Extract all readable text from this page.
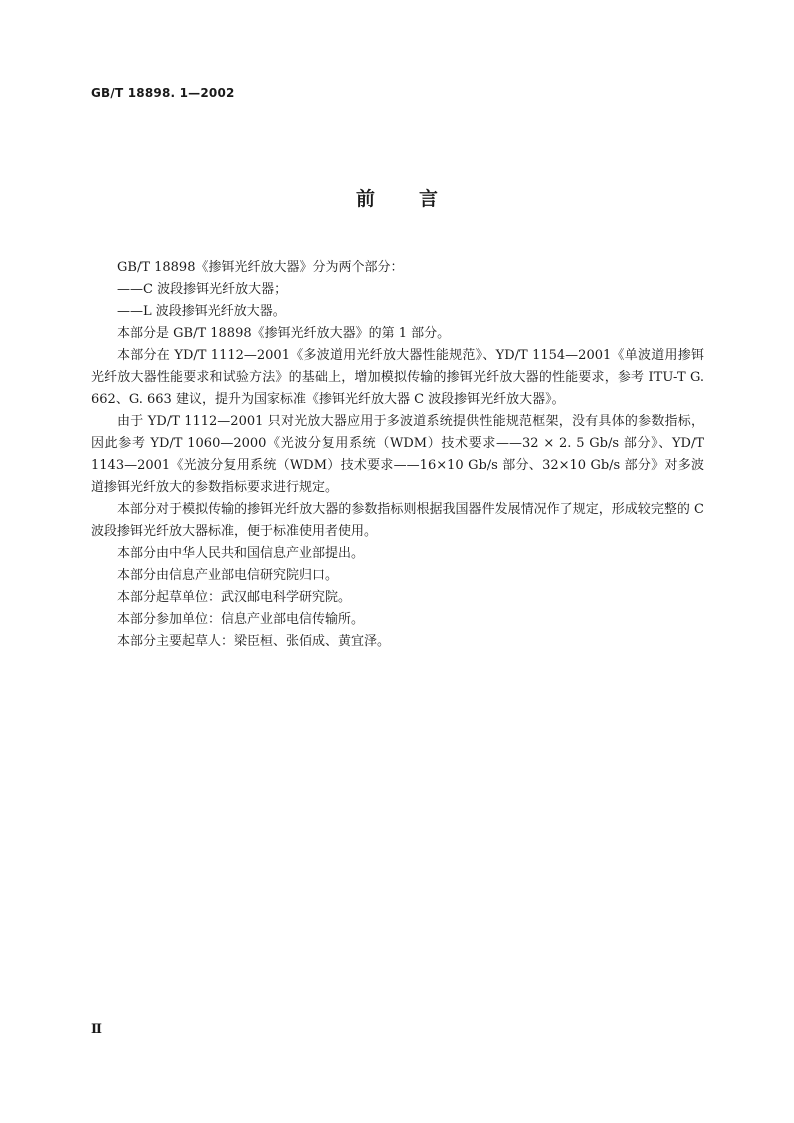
GB/T 18898. 1—2002
前言

GB/T 18898《掺铒光纤放大器》分为两个部分：

——C 波段掺铒光纤放大器；

——L 波段掺铒光纤放大器。

本部分是 GB/T 18898《掺铒光纤放大器》的第 1 部分。

本部分在 YD/T 1112—2001《多波道用光纤放大器性能规范》、YD/T 1154—2001《单波道用掺铒光纤放大器性能要求和试验方法》的基础上，增加模拟传输的掺铒光纤放大器的性能要求，参考 ITU-T G. 662、G. 663 建议，提升为国家标准《掺铒光纤放大器 C 波段掺铒光纤放大器》。

由于 YD/T 1112—2001 只对光放大器应用于多波道系统提供性能规范框架，没有具体的参数指标，因此参考 YD/T 1060—2000《光波分复用系统（WDM）技术要求——32 × 2. 5 Gb/s 部分》、YD/T 1143—2001《光波分复用系统（WDM）技术要求——16×10 Gb/s 部分、32×10 Gb/s 部分》对多波道掺铒光纤放大的参数指标要求进行规定。

本部分对于模拟传输的掺铒光纤放大器的参数指标则根据我国器件发展情况作了规定，形成较完整的 C 波段掺铒光纤放大器标准，便于标准使用者使用。

本部分由中华人民共和国信息产业部提出。

本部分由信息产业部电信研究院归口。

本部分起草单位：武汉邮电科学研究院。

本部分参加单位：信息产业部电信传输所。

本部分主要起草人：梁臣桓、张佰成、黄宜泽。

Ⅱ
